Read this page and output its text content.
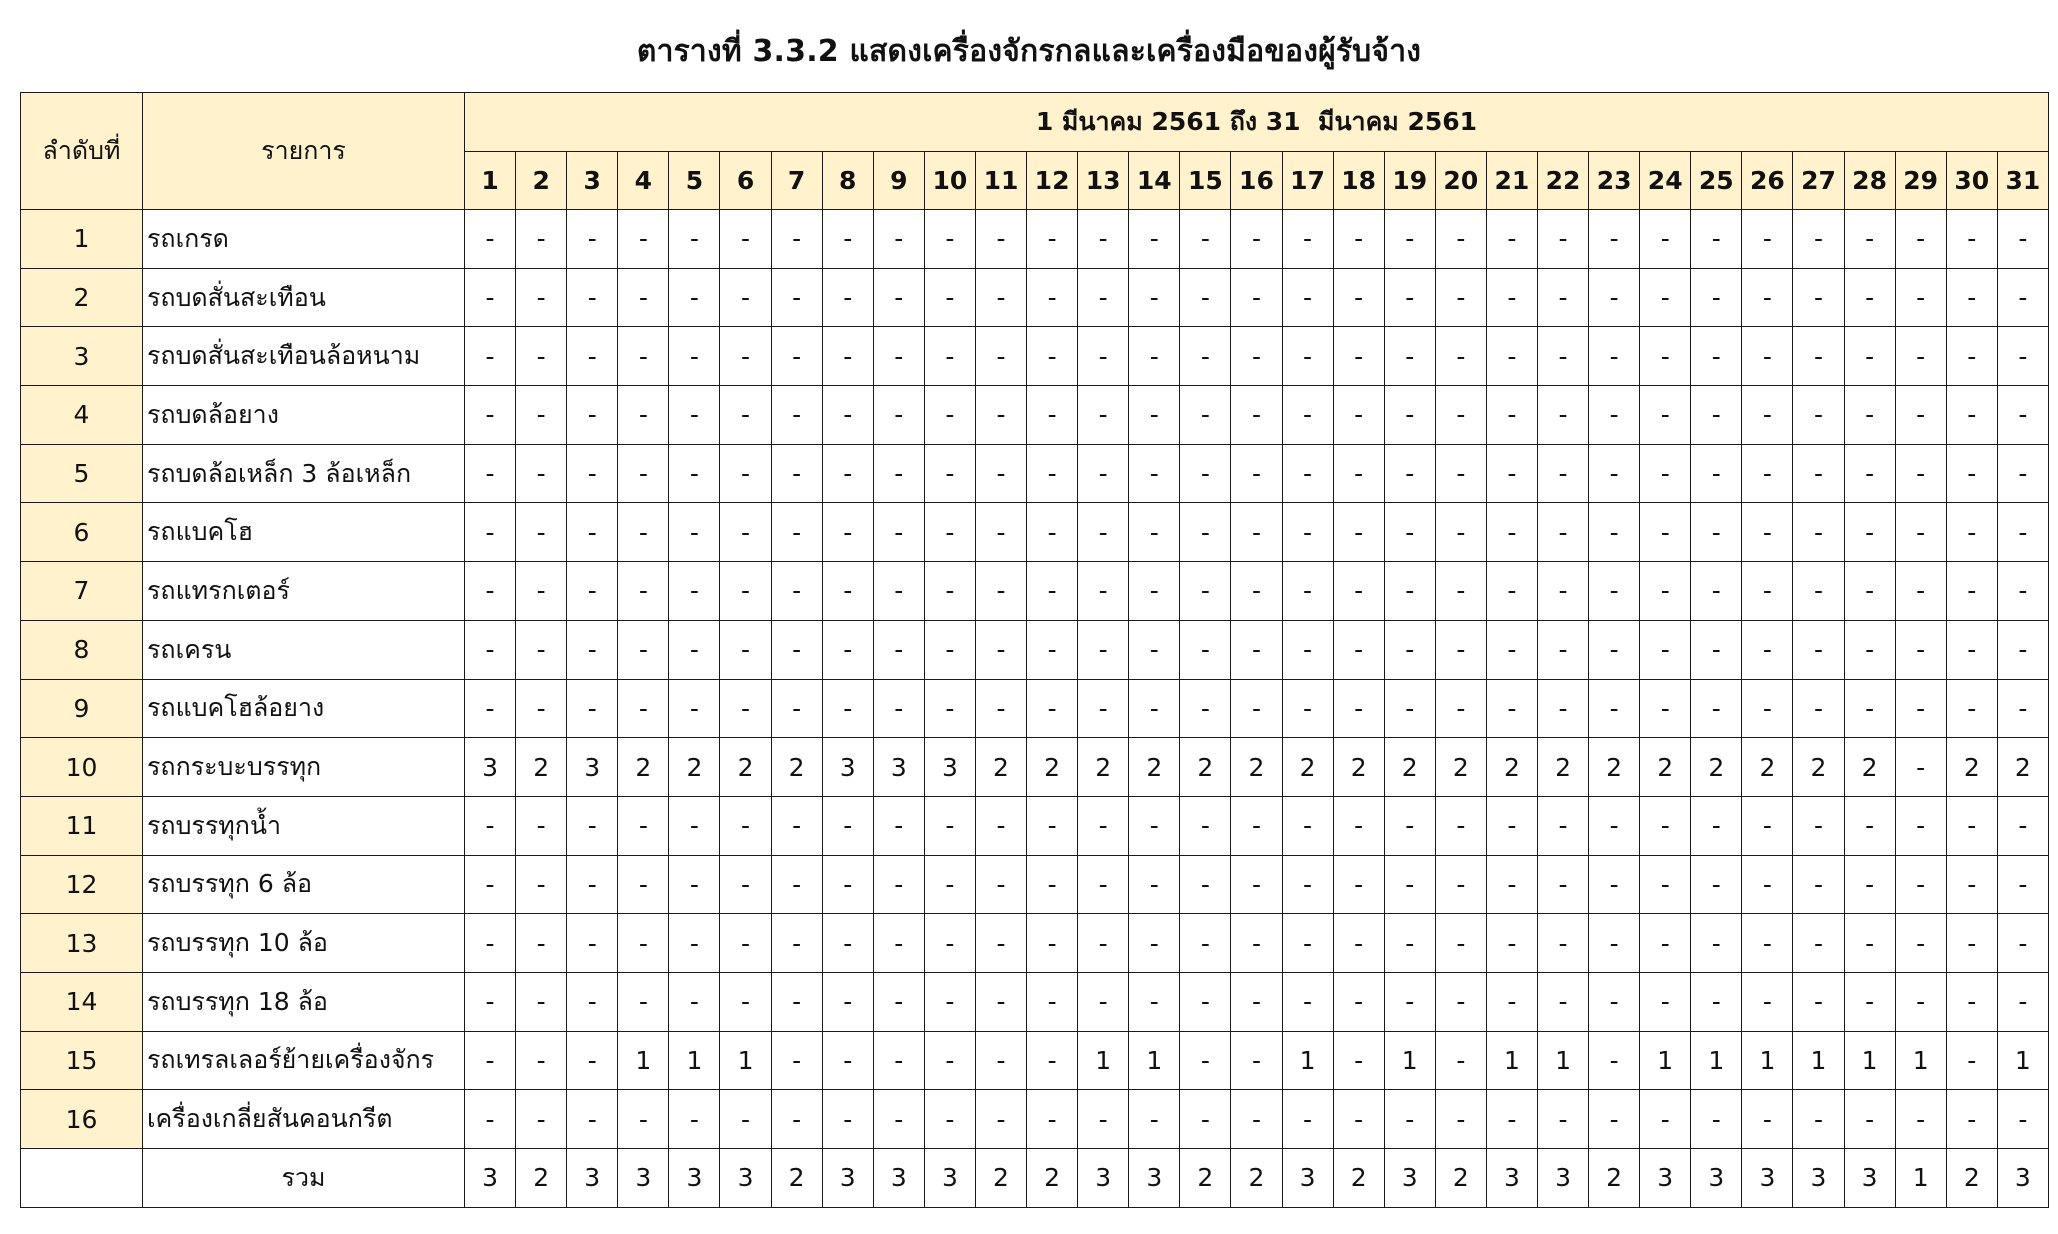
ตารางที่ 3.3.2 แสดงเครื่องจักรกลและเครื่องมือของผู้รับจ้าง
ลำดับที่	รายการ	1 มีนาคม 2561 ถึง 31  มีนาคม 2561																														
		1	2	3	4	5	6	7	8	9	10	11	12	13	14	15	16	17	18	19	20	21	22	23	24	25	26	27	28	29	30	31
1	รถเกรด	-	-	-	-	-	-	-	-	-	-	-	-	-	-	-	-	-	-	-	-	-	-	-	-	-	-	-	-	-	-	-
2	รถบดสั่นสะเทือน	-	-	-	-	-	-	-	-	-	-	-	-	-	-	-	-	-	-	-	-	-	-	-	-	-	-	-	-	-	-	-
3	รถบดสั่นสะเทือนล้อหนาม	-	-	-	-	-	-	-	-	-	-	-	-	-	-	-	-	-	-	-	-	-	-	-	-	-	-	-	-	-	-	-
4	รถบดล้อยาง	-	-	-	-	-	-	-	-	-	-	-	-	-	-	-	-	-	-	-	-	-	-	-	-	-	-	-	-	-	-	-
5	รถบดล้อเหล็ก 3 ล้อเหล็ก	-	-	-	-	-	-	-	-	-	-	-	-	-	-	-	-	-	-	-	-	-	-	-	-	-	-	-	-	-	-	-
6	รถแบคโฮ	-	-	-	-	-	-	-	-	-	-	-	-	-	-	-	-	-	-	-	-	-	-	-	-	-	-	-	-	-	-	-
7	รถแทรกเตอร์	-	-	-	-	-	-	-	-	-	-	-	-	-	-	-	-	-	-	-	-	-	-	-	-	-	-	-	-	-	-	-
8	รถเครน	-	-	-	-	-	-	-	-	-	-	-	-	-	-	-	-	-	-	-	-	-	-	-	-	-	-	-	-	-	-	-
9	รถแบคโฮล้อยาง	-	-	-	-	-	-	-	-	-	-	-	-	-	-	-	-	-	-	-	-	-	-	-	-	-	-	-	-	-	-	-
10	รถกระบะบรรทุก	3	2	3	2	2	2	2	3	3	3	2	2	2	2	2	2	2	2	2	2	2	2	2	2	2	2	2	2	-	2	2
11	รถบรรทุกน้ำ	-	-	-	-	-	-	-	-	-	-	-	-	-	-	-	-	-	-	-	-	-	-	-	-	-	-	-	-	-	-	-
12	รถบรรทุก 6 ล้อ	-	-	-	-	-	-	-	-	-	-	-	-	-	-	-	-	-	-	-	-	-	-	-	-	-	-	-	-	-	-	-
13	รถบรรทุก 10 ล้อ	-	-	-	-	-	-	-	-	-	-	-	-	-	-	-	-	-	-	-	-	-	-	-	-	-	-	-	-	-	-	-
14	รถบรรทุก 18 ล้อ	-	-	-	-	-	-	-	-	-	-	-	-	-	-	-	-	-	-	-	-	-	-	-	-	-	-	-	-	-	-	-
15	รถเทรลเลอร์ย้ายเครื่องจักร	-	-	-	1	1	1	-	-	-	-	-	-	1	1	-	-	1	-	1	-	1	1	-	1	1	1	1	1	1	-	1
16	เครื่องเกลี่ยสันคอนกรีต	-	-	-	-	-	-	-	-	-	-	-	-	-	-	-	-	-	-	-	-	-	-	-	-	-	-	-	-	-	-	-
	รวม	3	2	3	3	3	3	2	3	3	3	2	2	3	3	2	2	3	2	3	2	3	3	2	3	3	3	3	3	1	2	3
